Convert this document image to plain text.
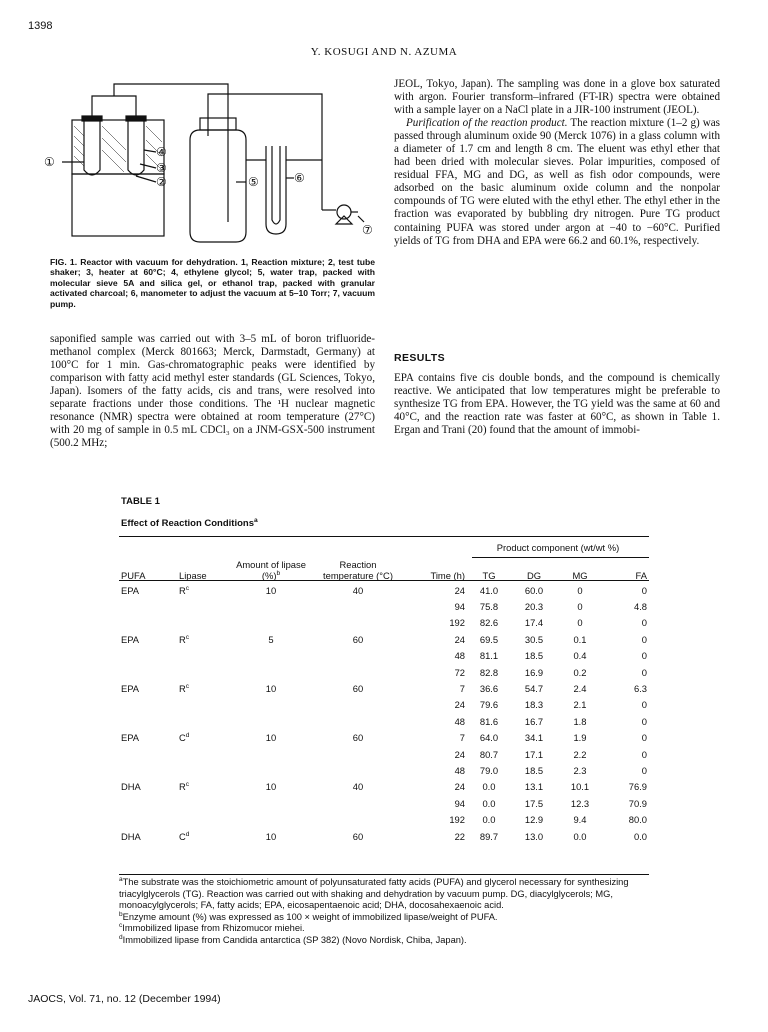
1398
Y. KOSUGI AND N. AZUMA
①
②
③
④
⑤	⑥
⑦
FIG. 1. Reactor with vacuum for dehydration. 1, Reaction mixture; 2, test tube shaker; 3, heater at 60°C; 4, ethylene glycol; 5, water trap, packed with molecular sieve 5A and silica gel, or ethanol trap, packed with granular activated charcoal; 6, manometer to adjust the vacuum at 5–10 Torr; 7, vacuum pump.

saponified sample was carried out with 3–5 mL of boron trifluoride-methanol complex (Merck 801663; Merck, Darmstadt, Germany) at 100°C for 1 min. Gas-chromatographic peaks were identified by comparison with fatty acid methyl ester standards (GL Sciences, Tokyo, Japan). Isomers of the fatty acids, cis and trans, were resolved into separate fractions under those conditions. The ¹H nuclear magnetic resonance (NMR) spectra were obtained at room temperature (27°C) with 20 mg of sample in 0.5 mL CDCl₃ on a JNM-GSX-500 instrument (500.2 MHz;

JEOL, Tokyo, Japan). The sampling was done in a glove box saturated with argon. Fourier transform–infrared (FT-IR) spectra were obtained with a sample layer on a NaCl plate in a JIR-100 instrument (JEOL).

Purification of the reaction product. The reaction mixture (1–2 g) was passed through aluminum oxide 90 (Merck 1076) in a glass column with a diameter of 1.7 cm and length 8 cm. The eluent was ethyl ether that had been dried with molecular sieves. Polar impurities, composed of residual FFA, MG and DG, as well as fish odor compounds, were adsorbed on the basic aluminum oxide column and the nonpolar compounds of TG were eluted with the ethyl ether. The ethyl ether in the fraction was evaporated by bubbling dry nitrogen. Pure TG product containing PUFA was stored under argon at −40 to −60°C. Purified yields of TG from DHA and EPA were 66.2 and 60.1%, respectively.

RESULTS
EPA contains five cis double bonds, and the compound is chemically reactive. We anticipated that low temperatures might be preferable to synthesize TG from EPA. However, the TG yield was the same at 60 and 40°C, and the reaction rate was faster at 60°C, as shown in Table 1. Ergan and Trani (20) found that the amount of immobi-
TABLE 1
Effect of Reaction Conditions$^a$
					Product component (wt/wt %)			
PUFA	Lipase	Amount of lipase (%)$^b$	Reaction temperature (°C)	Time (h)	TG	DG	MG	FA
EPA	$R^c$	10	40	24	41.0	60.0	0	0
				94	75.8	20.3	0	4.8
				192	82.6	17.4	0	0
EPA	$R^c$	5	60	24	69.5	30.5	0.1	0
				48	81.1	18.5	0.4	0
				72	82.8	16.9	0.2	0
EPA	$R^c$	10	60	7	36.6	54.7	2.4	6.3
				24	79.6	18.3	2.1	0
				48	81.6	16.7	1.8	0
EPA	$C^d$	10	60	7	64.0	34.1	1.9	0
				24	80.7	17.1	2.2	0
				48	79.0	18.5	2.3	0
DHA	$R^c$	10	40	24	0.0	13.1	10.1	76.9
				94	0.0	17.5	12.3	70.9
				192	0.0	12.9	9.4	80.0
DHA	$C^d$	10	60	22	89.7	13.0	0.0	0.0

$^a$The substrate was the stoichiometric amount of polyunsaturated fatty acids (PUFA) and glycerol necessary for synthesizing triacylglycerols (TG). Reaction was carried out with shaking and dehydration by vacuum pump. DG, diacylglycerols; MG, monoacylglycerols; FA, fatty acids; EPA, eicosapentaenoic acid; DHA, docosahexaenoic acid.

$^b$Enzyme amount (%) was expressed as 100 × weight of immobilized lipase/weight of PUFA.

$^c$Immobilized lipase from Rhizomucor miehei.

$^d$Immobilized lipase from Candida antarctica (SP 382) (Novo Nordisk, Chiba, Japan).

JAOCS, Vol. 71, no. 12 (December 1994)
